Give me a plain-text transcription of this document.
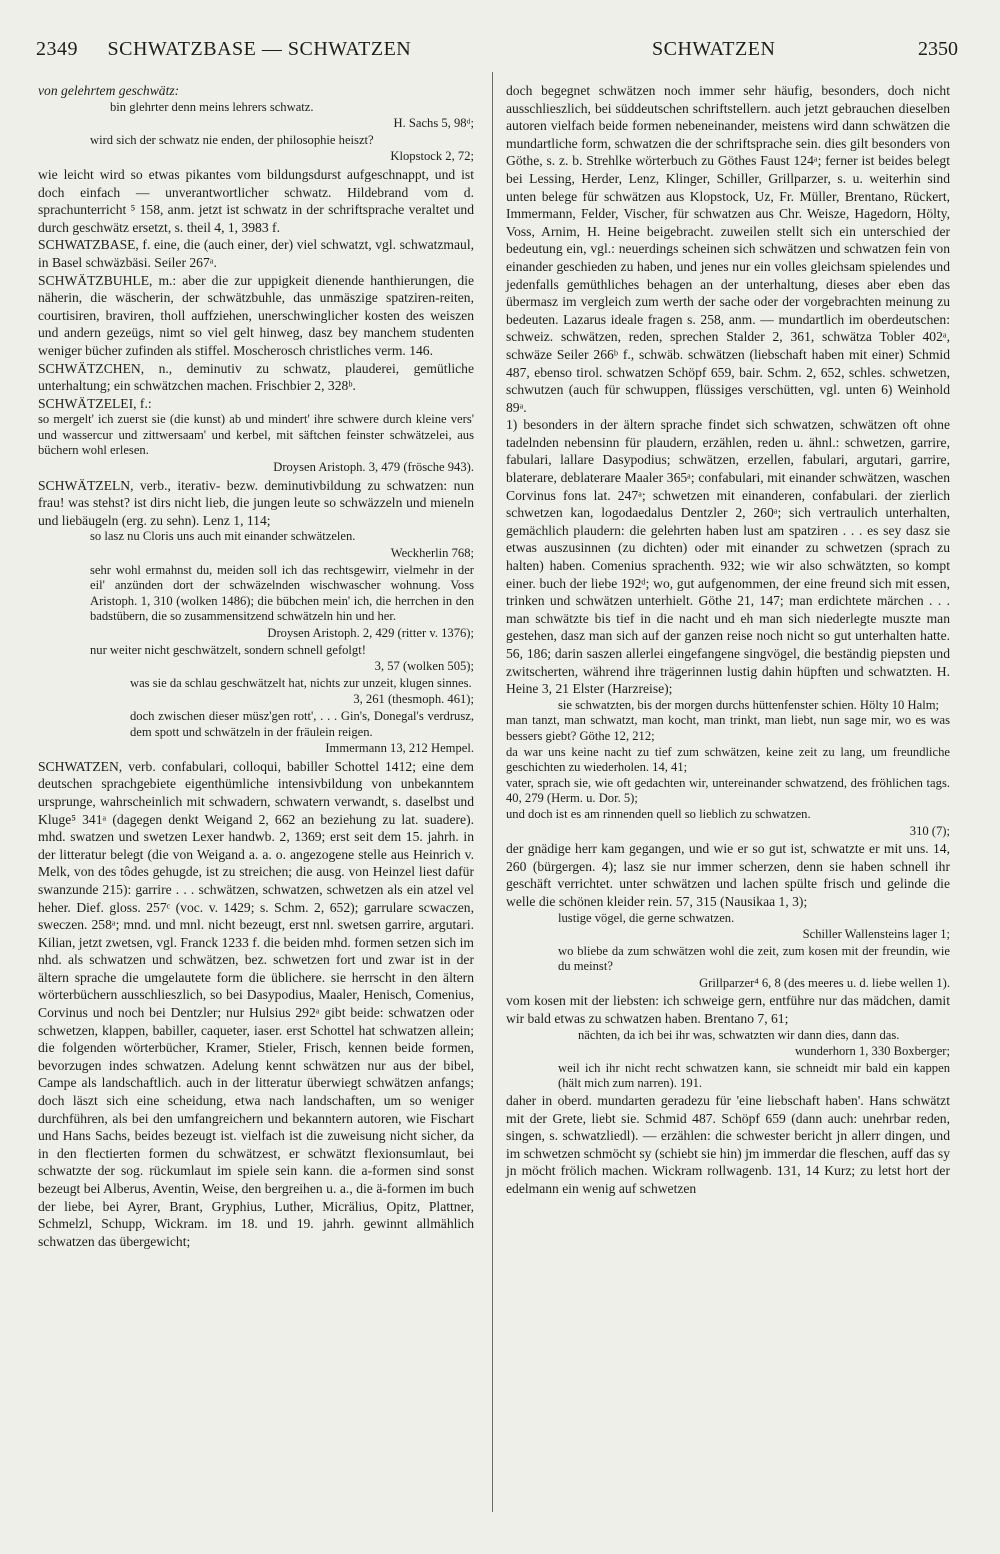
2349 SCHWATZBASE — SCHWATZEN	SCHWATZEN	2350

von gelehrtem geschwätz:

bin glehrter denn meins lehrers schwatz.

H. Sachs 5, 98ᵈ;

wird sich der schwatz nie enden, der philosophie heiszt?

Klopstock 2, 72;

wie leicht wird so etwas pikantes vom bildungsdurst aufgeschnappt, und ist doch einfach — unverantwortlicher schwatz. Hildebrand vom d. sprachunterricht ⁵ 158, anm. jetzt ist schwatz in der schriftsprache veraltet und durch geschwätz ersetzt, s. theil 4, 1, 3983 f.

SCHWATZBASE, f. eine, die (auch einer, der) viel schwatzt, vgl. schwatzmaul, in Basel schwäzbäsi. Seiler 267ᵃ.

SCHWÄTZBUHLE, m.: aber die zur uppigkeit dienende hanthierungen, die näherin, die wäscherin, der schwätzbuhle, das unmäszige spatziren-reiten, courtisiren, braviren, tholl auffziehen, unerschwinglicher kosten des weiszen und andern gezeügs, nimt so viel gelt hinweg, dasz bey manchem studenten weniger bücher zufinden als stiffel. Moscherosch christliches verm. 146.

SCHWÄTZCHEN, n., deminutiv zu schwatz, plauderei, gemütliche unterhaltung; ein schwätzchen machen. Frischbier 2, 328ᵇ.

SCHWÄTZELEI, f.:

so mergelt' ich zuerst sie (die kunst) ab und mindert' ihre schwere durch kleine vers' und wassercur und zittwersaam' und kerbel, mit säftchen feinster schwätzelei, aus büchern wohl erlesen.

Droysen Aristoph. 3, 479 (frösche 943).

SCHWÄTZELN, verb., iterativ- bezw. deminutivbildung zu schwatzen: nun frau! was stehst? ist dirs nicht lieb, die jungen leute so schwäzzeln und mieneln und liebäugeln (erg. zu sehn). Lenz 1, 114;

so lasz nu Cloris uns auch mit einander schwätzelen.

Weckherlin 768;

sehr wohl ermahnst du, meiden soll ich das rechtsgewirr, vielmehr in der eil' anzünden dort der schwäzelnden wischwascher wohnung. Voss Aristoph. 1, 310 (wolken 1486); die bübchen mein' ich, die herrchen in den badstübern, die so zusammensitzend schwätzeln hin und her.

Droysen Aristoph. 2, 429 (ritter v. 1376);

nur weiter nicht geschwätzelt, sondern schnell gefolgt!

3, 57 (wolken 505);

was sie da schlau geschwätzelt hat, nichts zur unzeit, klugen sinnes.

3, 261 (thesmoph. 461);

doch zwischen dieser müsz'gen rott', . . . Gin's, Donegal's verdrusz, dem spott und schwätzeln in der fräulein reigen.

Immermann 13, 212 Hempel.

SCHWATZEN, verb. confabulari, colloqui, babiller Schottel 1412; eine dem deutschen sprachgebiete eigenthümliche intensivbildung von unbekanntem ursprunge, wahrscheinlich mit schwadern, schwatern verwandt, s. daselbst und Kluge⁵ 341ᵃ (dagegen denkt Weigand 2, 662 an beziehung zu lat. suadere). mhd. swatzen und swetzen Lexer handwb. 2, 1369; erst seit dem 15. jahrh. in der litteratur belegt (die von Weigand a. a. o. angezogene stelle aus Heinrich v. Melk, von des tôdes gehugde, ist zu streichen; die ausg. von Heinzel liest dafür swanzunde 215): garrire . . . schwätzen, schwatzen, schwetzen als ein atzel vel heher. Dief. gloss. 257ᶜ (voc. v. 1429; s. Schm. 2, 652); garrulare scwaczen, sweczen. 258ᵃ; mnd. und mnl. nicht bezeugt, erst nnl. swetsen garrire, argutari. Kilian, jetzt zwetsen, vgl. Franck 1233 f. die beiden mhd. formen setzen sich im nhd. als schwatzen und schwätzen, bez. schwetzen fort und zwar ist in der ältern sprache die umgelautete form die üblichere. sie herrscht in den ältern wörterbüchern ausschlieszlich, so bei Dasypodius, Maaler, Henisch, Comenius, Corvinus und noch bei Dentzler; nur Hulsius 292ᵃ gibt beide: schwatzen oder schwetzen, klappen, babiller, caqueter, iaser. erst Schottel hat schwatzen allein; die folgenden wörterbücher, Kramer, Stieler, Frisch, kennen beide formen, bevorzugen indes schwatzen. Adelung kennt schwätzen nur aus der bibel, Campe als landschaftlich. auch in der litteratur überwiegt schwätzen anfangs; doch läszt sich eine scheidung, etwa nach landschaften, um so weniger durchführen, als bei den umfangreichern und bekanntern autoren, wie Fischart und Hans Sachs, beides bezeugt ist. vielfach ist die zuweisung nicht sicher, da in den flectierten formen du schwätzest, er schwätzt flexionsumlaut, bei schwatzte der sog. rückumlaut im spiele sein kann. die a-formen sind sonst bezeugt bei Alberus, Aventin, Weise, den bergreihen u. a., die ä-formen im buch der liebe, bei Ayrer, Brant, Gryphius, Luther, Micrälius, Opitz, Plattner, Schmelzl, Schupp, Wickram. im 18. und 19. jahrh. gewinnt allmählich schwatzen das übergewicht;

doch begegnet schwätzen noch immer sehr häufig, besonders, doch nicht ausschlieszlich, bei süddeutschen schriftstellern. auch jetzt gebrauchen dieselben autoren vielfach beide formen nebeneinander, meistens wird dann schwätzen die mundartliche form, schwatzen die der schriftsprache sein. dies gilt besonders von Göthe, s. z. b. Strehlke wörterbuch zu Göthes Faust 124ᵃ; ferner ist beides belegt bei Lessing, Herder, Lenz, Klinger, Schiller, Grillparzer, s. u. weiterhin sind unten belege für schwätzen aus Klopstock, Uz, Fr. Müller, Brentano, Rückert, Immermann, Felder, Vischer, für schwatzen aus Chr. Weisze, Hagedorn, Hölty, Voss, Arnim, H. Heine beigebracht. zuweilen stellt sich ein unterschied der bedeutung ein, vgl.: neuerdings scheinen sich schwätzen und schwatzen fein von einander geschieden zu haben, und jenes nur ein volles gleichsam spielendes und jedenfalls gemüthliches behagen an der unterhaltung, dieses aber eben das übermasz im vergleich zum werth der sache oder der vorgebrachten meinung zu bedeuten. Lazarus ideale fragen s. 258, anm. — mundartlich im oberdeutschen: schweiz. schwätzen, reden, sprechen Stalder 2, 361, schwätza Tobler 402ᵃ, schwäze Seiler 266ᵇ f., schwäb. schwätzen (liebschaft haben mit einer) Schmid 487, ebenso tirol. schwatzen Schöpf 659, bair. Schm. 2, 652, schles. schwetzen, schwutzen (auch für schwuppen, flüssiges verschütten, vgl. unten 6) Weinhold 89ᵃ.

1) besonders in der ältern sprache findet sich schwatzen, schwätzen oft ohne tadelnden nebensinn für plaudern, erzählen, reden u. ähnl.: schwetzen, garrire, fabulari, lallare Dasypodius; schwätzen, erzellen, fabulari, argutari, garrire, blaterare, deblaterare Maaler 365ᵃ; confabulari, mit einander schwätzen, waschen Corvinus fons lat. 247ᵃ; schwetzen mit einanderen, confabulari. der zierlich schwetzen kan, logodaedalus Dentzler 2, 260ᵃ; sich vertraulich unterhalten, gemächlich plaudern: die gelehrten haben lust am spatziren . . . es sey dasz sie etwas auszusinnen (zu dichten) oder mit einander zu schwetzen (sprach zu halten) haben. Comenius sprachenth. 932; wie wir also schwätzten, so kompt einer. buch der liebe 192ᵈ; wo, gut aufgenommen, der eine freund sich mit essen, trinken und schwätzen unterhielt. Göthe 21, 147; man erdichtete märchen . . . man schwätzte bis tief in die nacht und eh man sich niederlegte muszte man gestehen, dasz man sich auf der ganzen reise noch nicht so gut unterhalten hatte. 56, 186; darin saszen allerlei eingefangene singvögel, die beständig piepsten und zwitscherten, während ihre trägerinnen lustig dahin hüpften und schwatzten. H. Heine 3, 21 Elster (Harzreise);

sie schwatzten, bis der morgen durchs hüttenfenster schien. Hölty 10 Halm;

man tanzt, man schwatzt, man kocht, man trinkt, man liebt, nun sage mir, wo es was bessers giebt? Göthe 12, 212;

da war uns keine nacht zu tief zum schwätzen, keine zeit zu lang, um freundliche geschichten zu wiederholen. 14, 41;

vater, sprach sie, wie oft gedachten wir, untereinander schwatzend, des fröhlichen tags. 40, 279 (Herm. u. Dor. 5);

und doch ist es am rinnenden quell so lieblich zu schwatzen.

310 (7);

der gnädige herr kam gegangen, und wie er so gut ist, schwatzte er mit uns. 14, 260 (bürgergen. 4); lasz sie nur immer scherzen, denn sie haben schnell ihr geschäft verrichtet. unter schwätzen und lachen spülte frisch und gelinde die welle die schönen kleider rein. 57, 315 (Nausikaa 1, 3);

lustige vögel, die gerne schwatzen.

Schiller Wallensteins lager 1;

wo bliebe da zum schwätzen wohl die zeit, zum kosen mit der freundin, wie du meinst?

Grillparzer⁴ 6, 8 (des meeres u. d. liebe wellen 1).

vom kosen mit der liebsten: ich schweige gern, entführe nur das mädchen, damit wir bald etwas zu schwatzen haben. Brentano 7, 61;

nächten, da ich bei ihr was, schwatzten wir dann dies, dann das.

wunderhorn 1, 330 Boxberger;

weil ich ihr nicht recht schwatzen kann, sie schneidt mir bald ein kappen (hält mich zum narren). 191.

daher in oberd. mundarten geradezu für 'eine liebschaft haben'. Hans schwätzt mit der Grete, liebt sie. Schmid 487. Schöpf 659 (dann auch: unehrbar reden, singen, s. schwatzliedl). — erzählen: die schwester bericht jn allerr dingen, und im schwetzen schmöcht sy (schiebt sie hin) jm immerdar die fleschen, auff das sy jn möcht frölich machen. Wickram rollwagenb. 131, 14 Kurz; zu letst hort der edelmann ein wenig auf schwetzen
